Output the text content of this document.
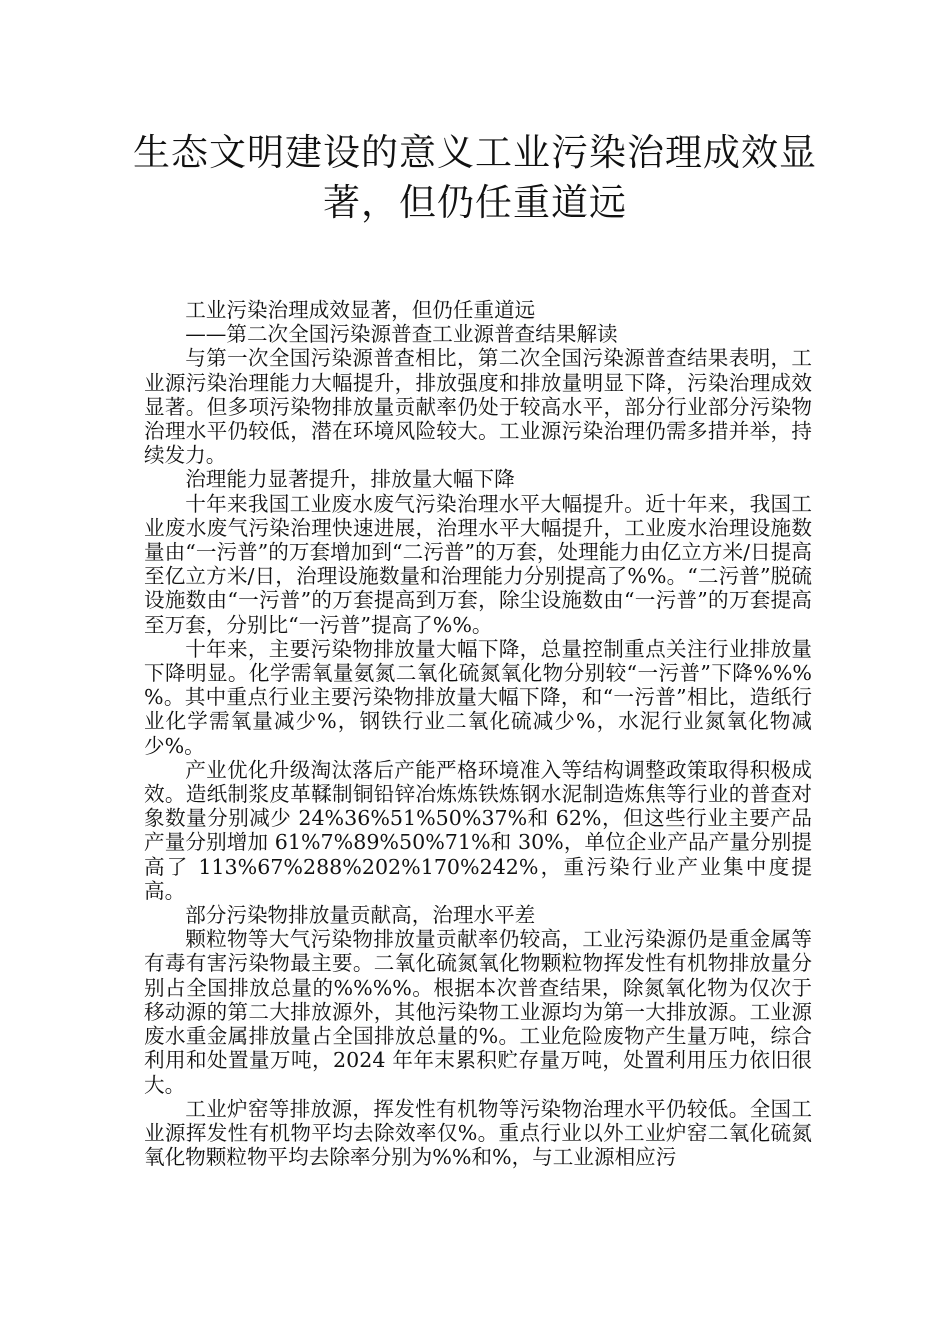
生态文明建设的意义工业污染治理成效显著，但仍任重道远

工业污染治理成效显著，但仍任重道远

——第二次全国污染源普查工业源普查结果解读

与第一次全国污染源普查相比，第二次全国污染源普查结果表明，工业源污染治理能力大幅提升，排放强度和排放量明显下降，污染治理成效显著。但多项污染物排放量贡献率仍处于较高水平，部分行业部分污染物治理水平仍较低，潜在环境风险较大。工业源污染治理仍需多措并举，持续发力。

治理能力显著提升，排放量大幅下降

十年来我国工业废水废气污染治理水平大幅提升。近十年来，我国工业废水废气污染治理快速进展，治理水平大幅提升，工业废水治理设施数量由“一污普”的万套增加到“二污普”的万套，处理能力由亿立方米/日提高至亿立方米/日，治理设施数量和治理能力分别提高了%%。“二污普”脱硫设施数由“一污普”的万套提高到万套，除尘设施数由“一污普”的万套提高至万套，分别比“一污普”提高了%%。

十年来，主要污染物排放量大幅下降，总量控制重点关注行业排放量下降明显。化学需氧量氨氮二氧化硫氮氧化物分别较“一污普”下降%%%%。其中重点行业主要污染物排放量大幅下降，和“一污普”相比，造纸行业化学需氧量减少%，钢铁行业二氧化硫减少%，水泥行业氮氧化物减少%。

产业优化升级淘汰落后产能严格环境准入等结构调整政策取得积极成效。造纸制浆皮革鞣制铜铅锌冶炼炼铁炼钢水泥制造炼焦等行业的普查对象数量分别减少 24%36%51%50%37%和 62%，但这些行业主要产品产量分别增加 61%7%89%50%71%和 30%，单位企业产品产量分别提高了 113%67%288%202%170%242%，重污染行业产业集中度提高。

部分污染物排放量贡献高，治理水平差

颗粒物等大气污染物排放量贡献率仍较高，工业污染源仍是重金属等有毒有害污染物最主要。二氧化硫氮氧化物颗粒物挥发性有机物排放量分别占全国排放总量的%%%%。根据本次普查结果，除氮氧化物为仅次于移动源的第二大排放源外，其他污染物工业源均为第一大排放源。工业源废水重金属排放量占全国排放总量的%。工业危险废物产生量万吨，综合利用和处置量万吨，2024 年年末累积贮存量万吨，处置利用压力依旧很大。

工业炉窑等排放源，挥发性有机物等污染物治理水平仍较低。全国工业源挥发性有机物平均去除效率仅%。重点行业以外工业炉窑二氧化硫氮氧化物颗粒物平均去除率分别为%%和%，与工业源相应污
